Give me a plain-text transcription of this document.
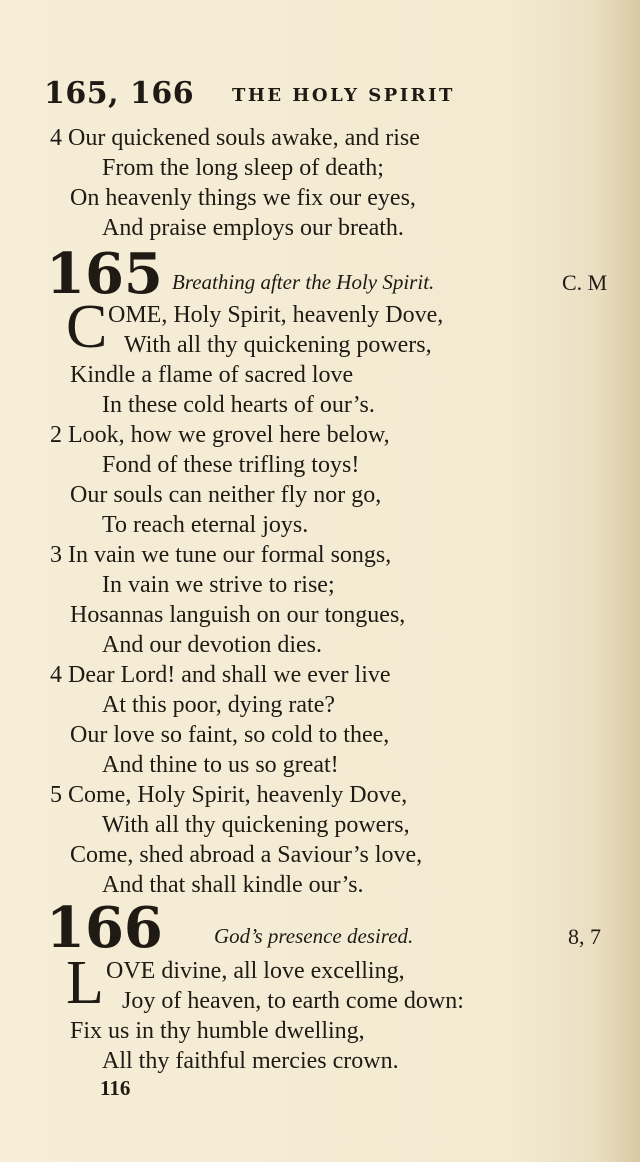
165, 166 THE HOLY SPIRIT
4 Our quickened souls awake, and rise
From the long sleep of death;
On heavenly things we fix our eyes,
And praise employs our breath.
165 Breathing after the Holy Spirit.	C. M
C OME, Holy Spirit, heavenly Dove,
With all thy quickening powers,
Kindle a flame of sacred love
In these cold hearts of our’s.
2 Look, how we grovel here below,
Fond of these trifling toys!
Our souls can neither fly nor go,
To reach eternal joys.
3 In vain we tune our formal songs,
In vain we strive to rise;
Hosannas languish on our tongues,
And our devotion dies.
4 Dear Lord! and shall we ever live
At this poor, dying rate?
Our love so faint, so cold to thee,
And thine to us so great!
5 Come, Holy Spirit, heavenly Dove,
With all thy quickening powers,
Come, shed abroad a Saviour’s love,
And that shall kindle our’s.
166 God’s presence desired.	8, 7
L OVE divine, all love excelling,
Joy of heaven, to earth come down:
Fix us in thy humble dwelling,
All thy faithful mercies crown.
116
